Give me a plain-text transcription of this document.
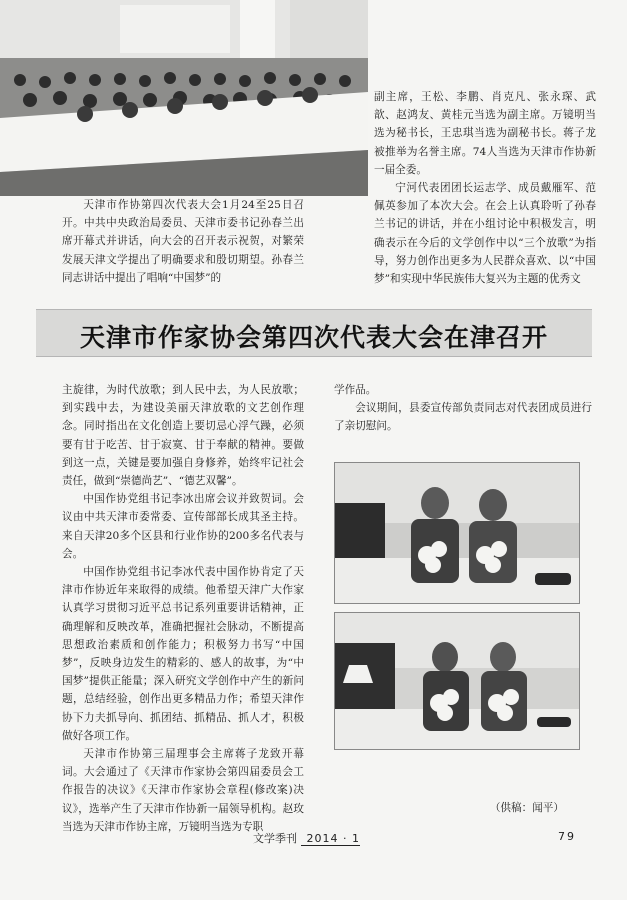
副主席，王松、李鹏、肖克凡、张永琛、武歆、赵鸿友、黄桂元当选为副主席。万镜明当选为秘书长，王忠琪当选为副秘书长。蒋子龙被推举为名誉主席。74人当选为天津市作协新一届全委。

宁河代表团团长运志学、成员戴雁军、范佩英参加了本次大会。在会上认真聆听了孙春兰书记的讲话，并在小组讨论中积极发言，明确表示在今后的文学创作中以“三个放歌”为指导，努力创作出更多为人民群众喜欢、以“中国梦”和实现中华民族伟大复兴为主题的优秀文

天津市作协第四次代表大会1月24至25日召开。中共中央政治局委员、天津市委书记孙春兰出席开幕式并讲话，向大会的召开表示祝贺，对繁荣发展天津文学提出了明确要求和殷切期望。孙春兰同志讲话中提出了唱响“中国梦”的

天津市作家协会第四次代表大会在津召开

主旋律，为时代放歌；到人民中去，为人民放歌；到实践中去，为建设美丽天津放歌的文艺创作理念。同时指出在文化创造上要切忌心浮气躁，必须要有甘于吃苦、甘于寂寞、甘于奉献的精神。要做到这一点，关键是要加强自身修养，始终牢记社会责任，做到“崇德尚艺”、“德艺双馨”。

中国作协党组书记李冰出席会议并致贺词。会议由中共天津市委常委、宣传部部长成其圣主持。来自天津20多个区县和行业作协的200多名代表与会。

中国作协党组书记李冰代表中国作协肯定了天津市作协近年来取得的成绩。他希望天津广大作家认真学习贯彻习近平总书记系列重要讲话精神，正确理解和反映改革，准确把握社会脉动，不断提高思想政治素质和创作能力；积极努力书写“中国梦”，反映身边发生的精彩的、感人的故事，为“中国梦”提供正能量；深入研究文学创作中产生的新问题，总结经验，创作出更多精品力作；希望天津作协下力夫抓导向、抓团结、抓精品、抓人才，积极做好各项工作。

天津市作协第三届理事会主席蒋子龙致开幕词。大会通过了《天津市作家协会第四届委员会工作报告的决议》《天津市作家协会章程(修改案)决议》，选举产生了天津市作协新一届领导机构。赵玫当选为天津市作协主席，万镜明当选为专职

学作品。

会议期间，县委宣传部负责同志对代表团成员进行了亲切慰问。

（供稿：闻平）
文学季刊 2014 · 1	79
